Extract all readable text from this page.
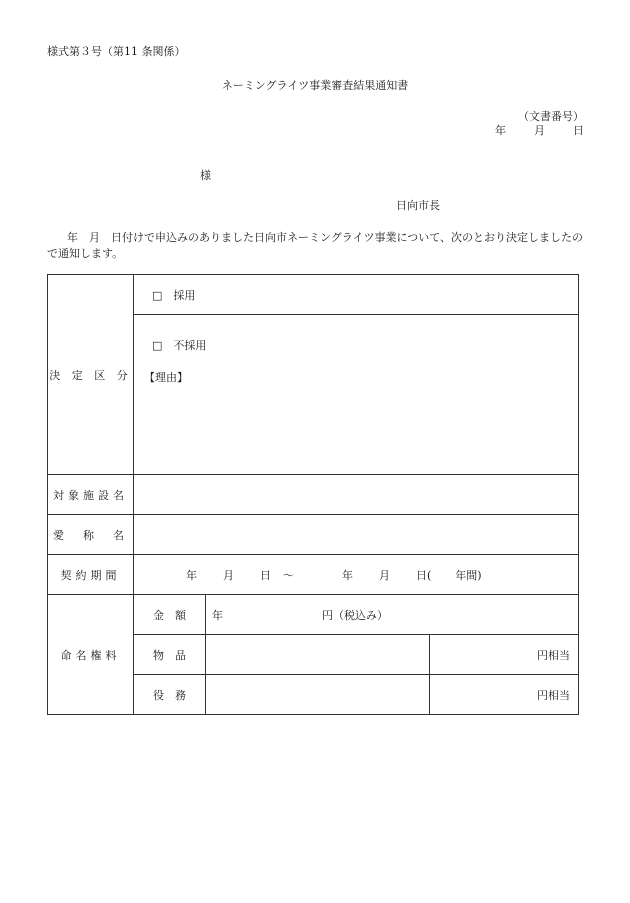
様式第３号（第11 条関係）
ネーミングライツ事業審査結果通知書
（文書番号）
年	月	日
様
日向市長
年　月　日付けで申込みのありました日向市ネーミングライツ事業について、次のとおり決定しましたので通知します。
決 定 区 分	□　採用		

	□　不採用
【理由】		

対象施設名			
愛　称　名			
契約期間	年 月 日 ～ 年 月 日( 年間)		
命名権料	金　額	年　　　　　　　　　円（税込み）	
	物　品		円相当
	役　務		円相当
